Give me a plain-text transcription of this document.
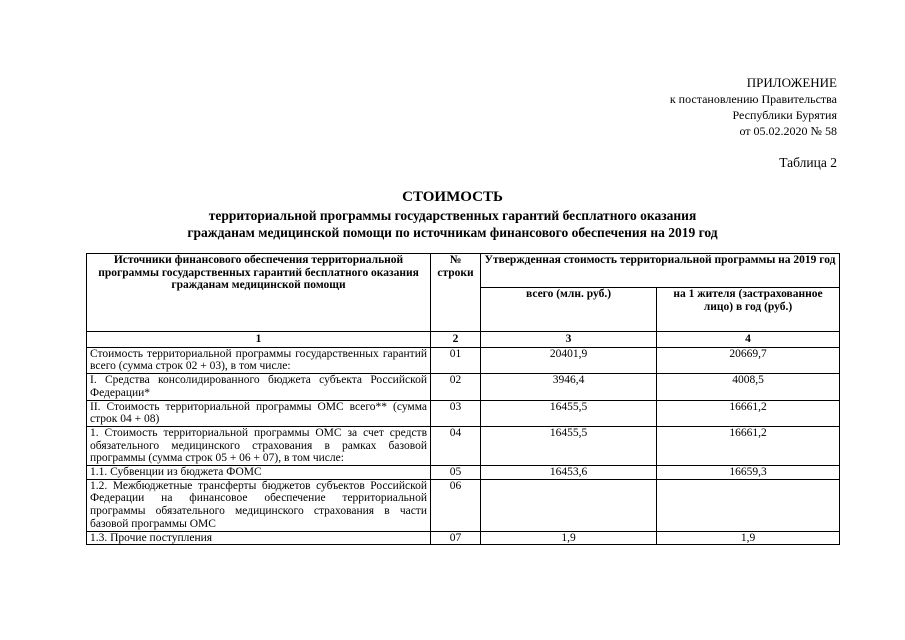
ПРИЛОЖЕНИЕ
к постановлению Правительства
Республики Бурятия
от 05.02.2020 № 58
Таблица 2
СТОИМОСТЬ
территориальной программы государственных гарантий бесплатного оказания
гражданам медицинской помощи по источникам финансового обеспечения на 2019 год
Источники финансового обеспечения территориальной программы государственных гарантий бесплатного оказания гражданам медицинской помощи	№ строки	Утвержденная стоимость территориальной программы на 2019 год	
		всего (млн. руб.)	на 1 жителя (застрахованное лицо) в год (руб.)
1	2	3	4
Стоимость территориальной программы государственных гарантий всего (сумма строк 02 + 03), в том числе:	01	20401,9	20669,7
I. Средства консолидированного бюджета субъекта Российской Федерации*	02	3946,4	4008,5
II. Стоимость территориальной программы ОМС всего** (сумма строк 04 + 08)	03	16455,5	16661,2
1. Стоимость территориальной программы ОМС за счет средств обязательного медицинского страхования в рамках базовой программы (сумма строк 05 + 06 + 07), в том числе:	04	16455,5	16661,2
1.1. Субвенции из бюджета ФОМС	05	16453,6	16659,3
1.2. Межбюджетные трансферты бюджетов субъектов Российской Федерации на финансовое обеспечение территориальной программы обязательного медицинского страхования в части базовой программы ОМС	06		
1.3. Прочие поступления	07	1,9	1,9
